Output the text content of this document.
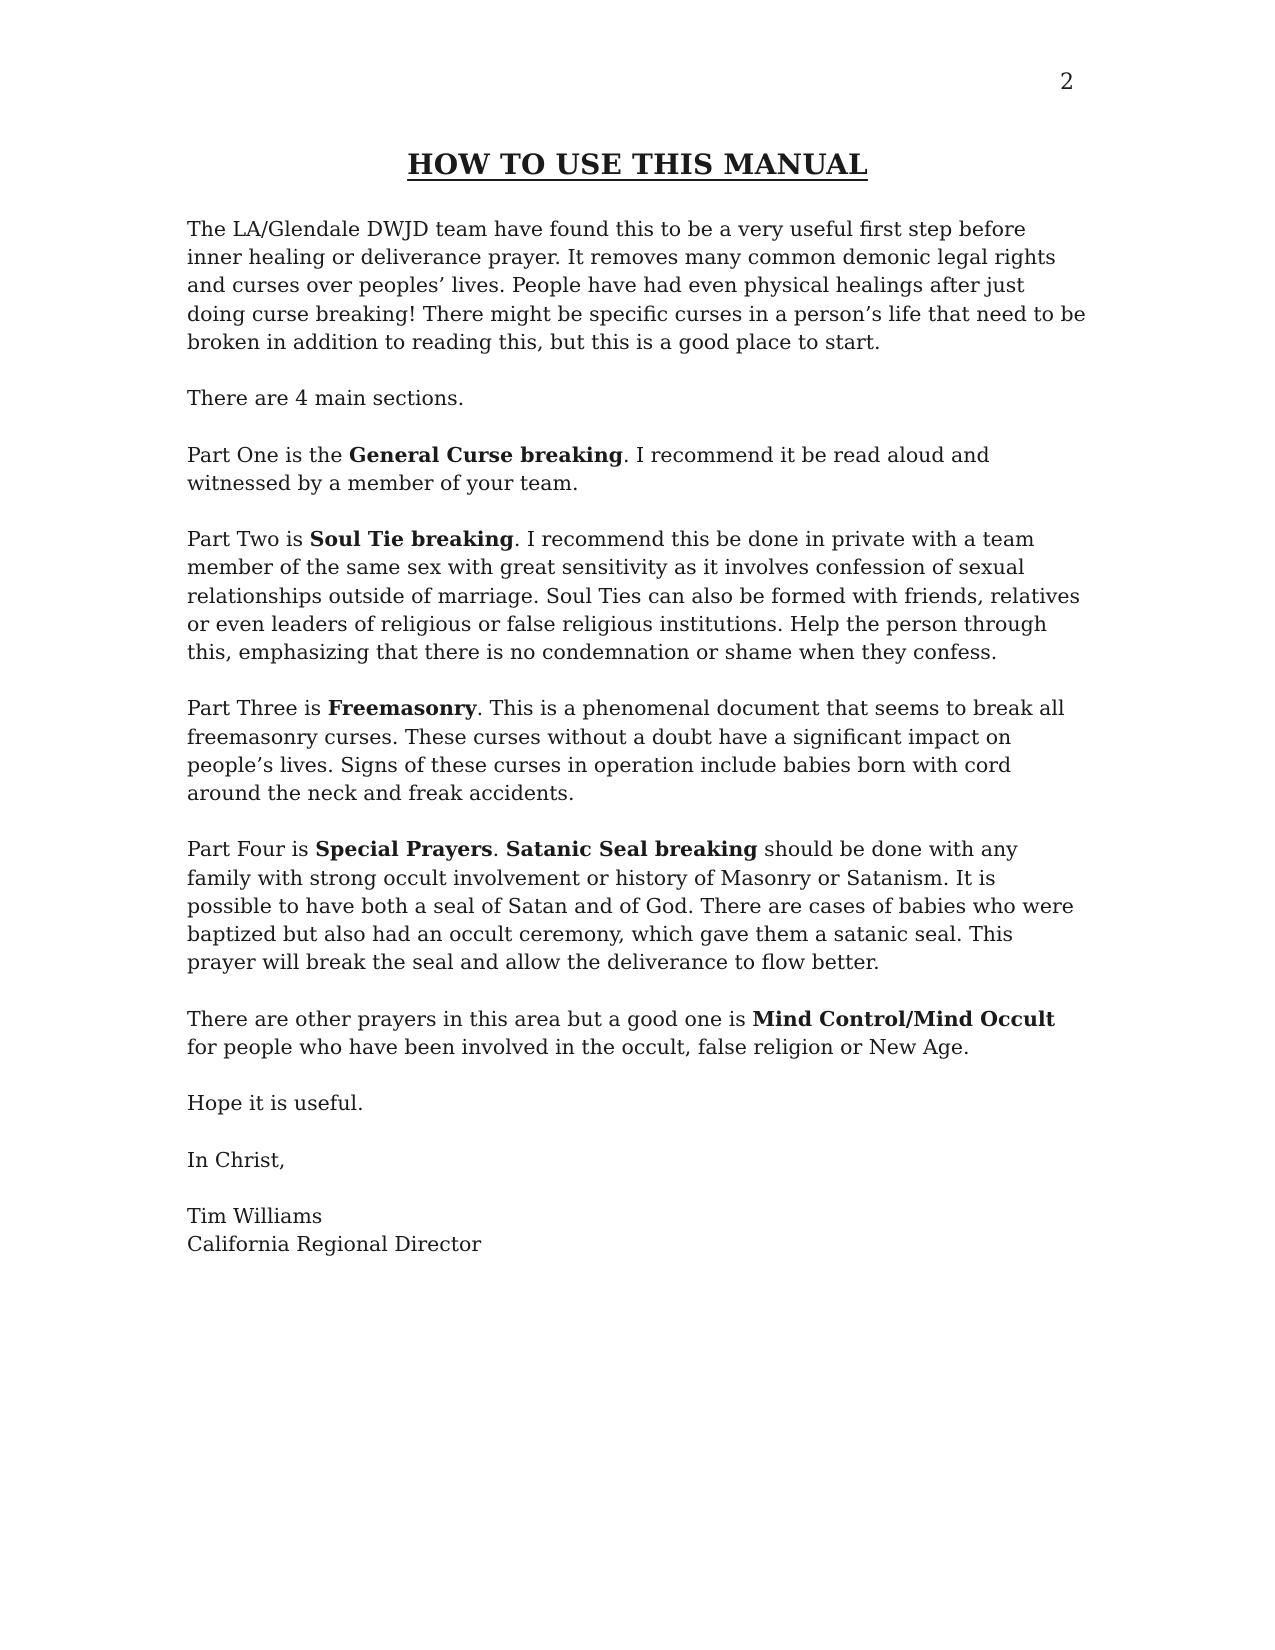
2
HOW TO USE THIS MANUAL

The LA/Glendale DWJD team have found this to be a very useful first step before inner healing or deliverance prayer. It removes many common demonic legal rights and curses over peoples’ lives. People have had even physical healings after just doing curse breaking! There might be specific curses in a person’s life that need to be broken in addition to reading this, but this is a good place to start.

There are 4 main sections.

Part One is the General Curse breaking. I recommend it be read aloud and witnessed by a member of your team.

Part Two is Soul Tie breaking. I recommend this be done in private with a team member of the same sex with great sensitivity as it involves confession of sexual relationships outside of marriage. Soul Ties can also be formed with friends, relatives or even leaders of religious or false religious institutions. Help the person through this, emphasizing that there is no condemnation or shame when they confess.

Part Three is Freemasonry. This is a phenomenal document that seems to break all freemasonry curses. These curses without a doubt have a significant impact on people’s lives. Signs of these curses in operation include babies born with cord around the neck and freak accidents.

Part Four is Special Prayers. Satanic Seal breaking should be done with any family with strong occult involvement or history of Masonry or Satanism. It is possible to have both a seal of Satan and of God. There are cases of babies who were baptized but also had an occult ceremony, which gave them a satanic seal. This prayer will break the seal and allow the deliverance to flow better.

There are other prayers in this area but a good one is Mind Control/Mind Occult for people who have been involved in the occult, false religion or New Age.

Hope it is useful.

In Christ,

Tim Williams

California Regional Director
